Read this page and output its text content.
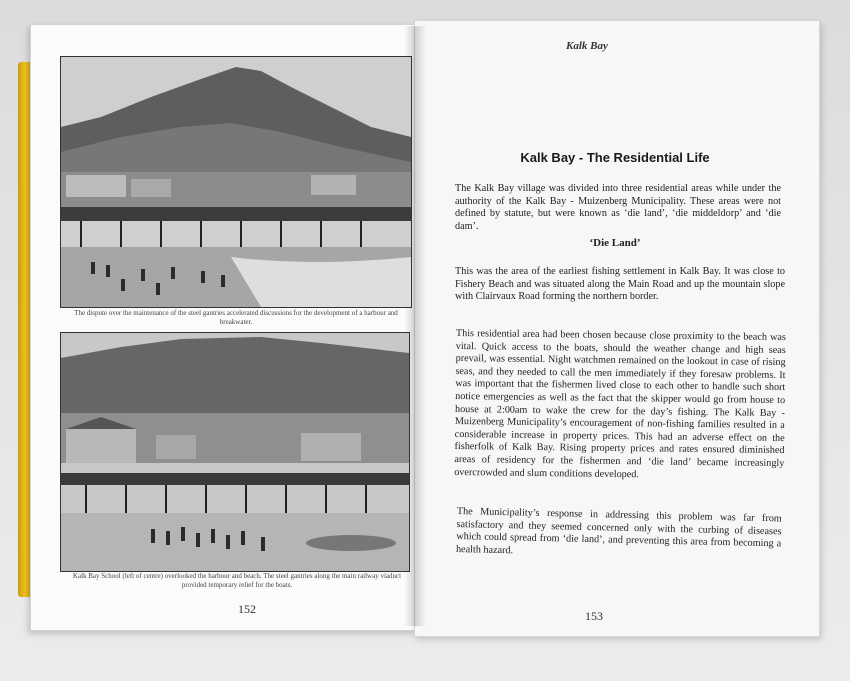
The dispute over the maintenance of the steel gantries accelerated discussions for the development of a harbour and breakwater.
Kalk Bay School (left of centre) overlooked the harbour and beach. The steel gantries along the main railway viaduct provided temporary relief for the boats.
152
Kalk Bay
Kalk Bay - The Residential Life
The Kalk Bay village was divided into three residential areas while under the authority of the Kalk Bay - Muizenberg Municipality. These areas were not defined by statute, but were known as ‘die land’, ‘die middeldorp’ and ‘die dam’.
‘Die Land’
This was the area of the earliest fishing settlement in Kalk Bay. It was close to Fishery Beach and was situated along the Main Road and up the mountain slope with Clairvaux Road forming the northern border.
This residential area had been chosen because close proximity to the beach was vital. Quick access to the boats, should the weather change and high seas prevail, was essential. Night watchmen remained on the lookout in case of rising seas, and they needed to call the men immediately if they foresaw problems. It was important that the fishermen lived close to each other to handle such short notice emergencies as well as the fact that the skipper would go from house to house at 2:00am to wake the crew for the day’s fishing. The Kalk Bay - Muizenberg Municipality’s encouragement of non-fishing families resulted in a considerable increase in property prices. This had an adverse effect on the fisherfolk of Kalk Bay. Rising property prices and rates ensured diminished areas of residency for the fishermen and ‘die land’ became increasingly overcrowded and slum conditions developed.
The Municipality’s response in addressing this problem was far from satisfactory and they seemed concerned only with the curbing of diseases which could spread from ‘die land’, and preventing this area from becoming a health hazard.
153
